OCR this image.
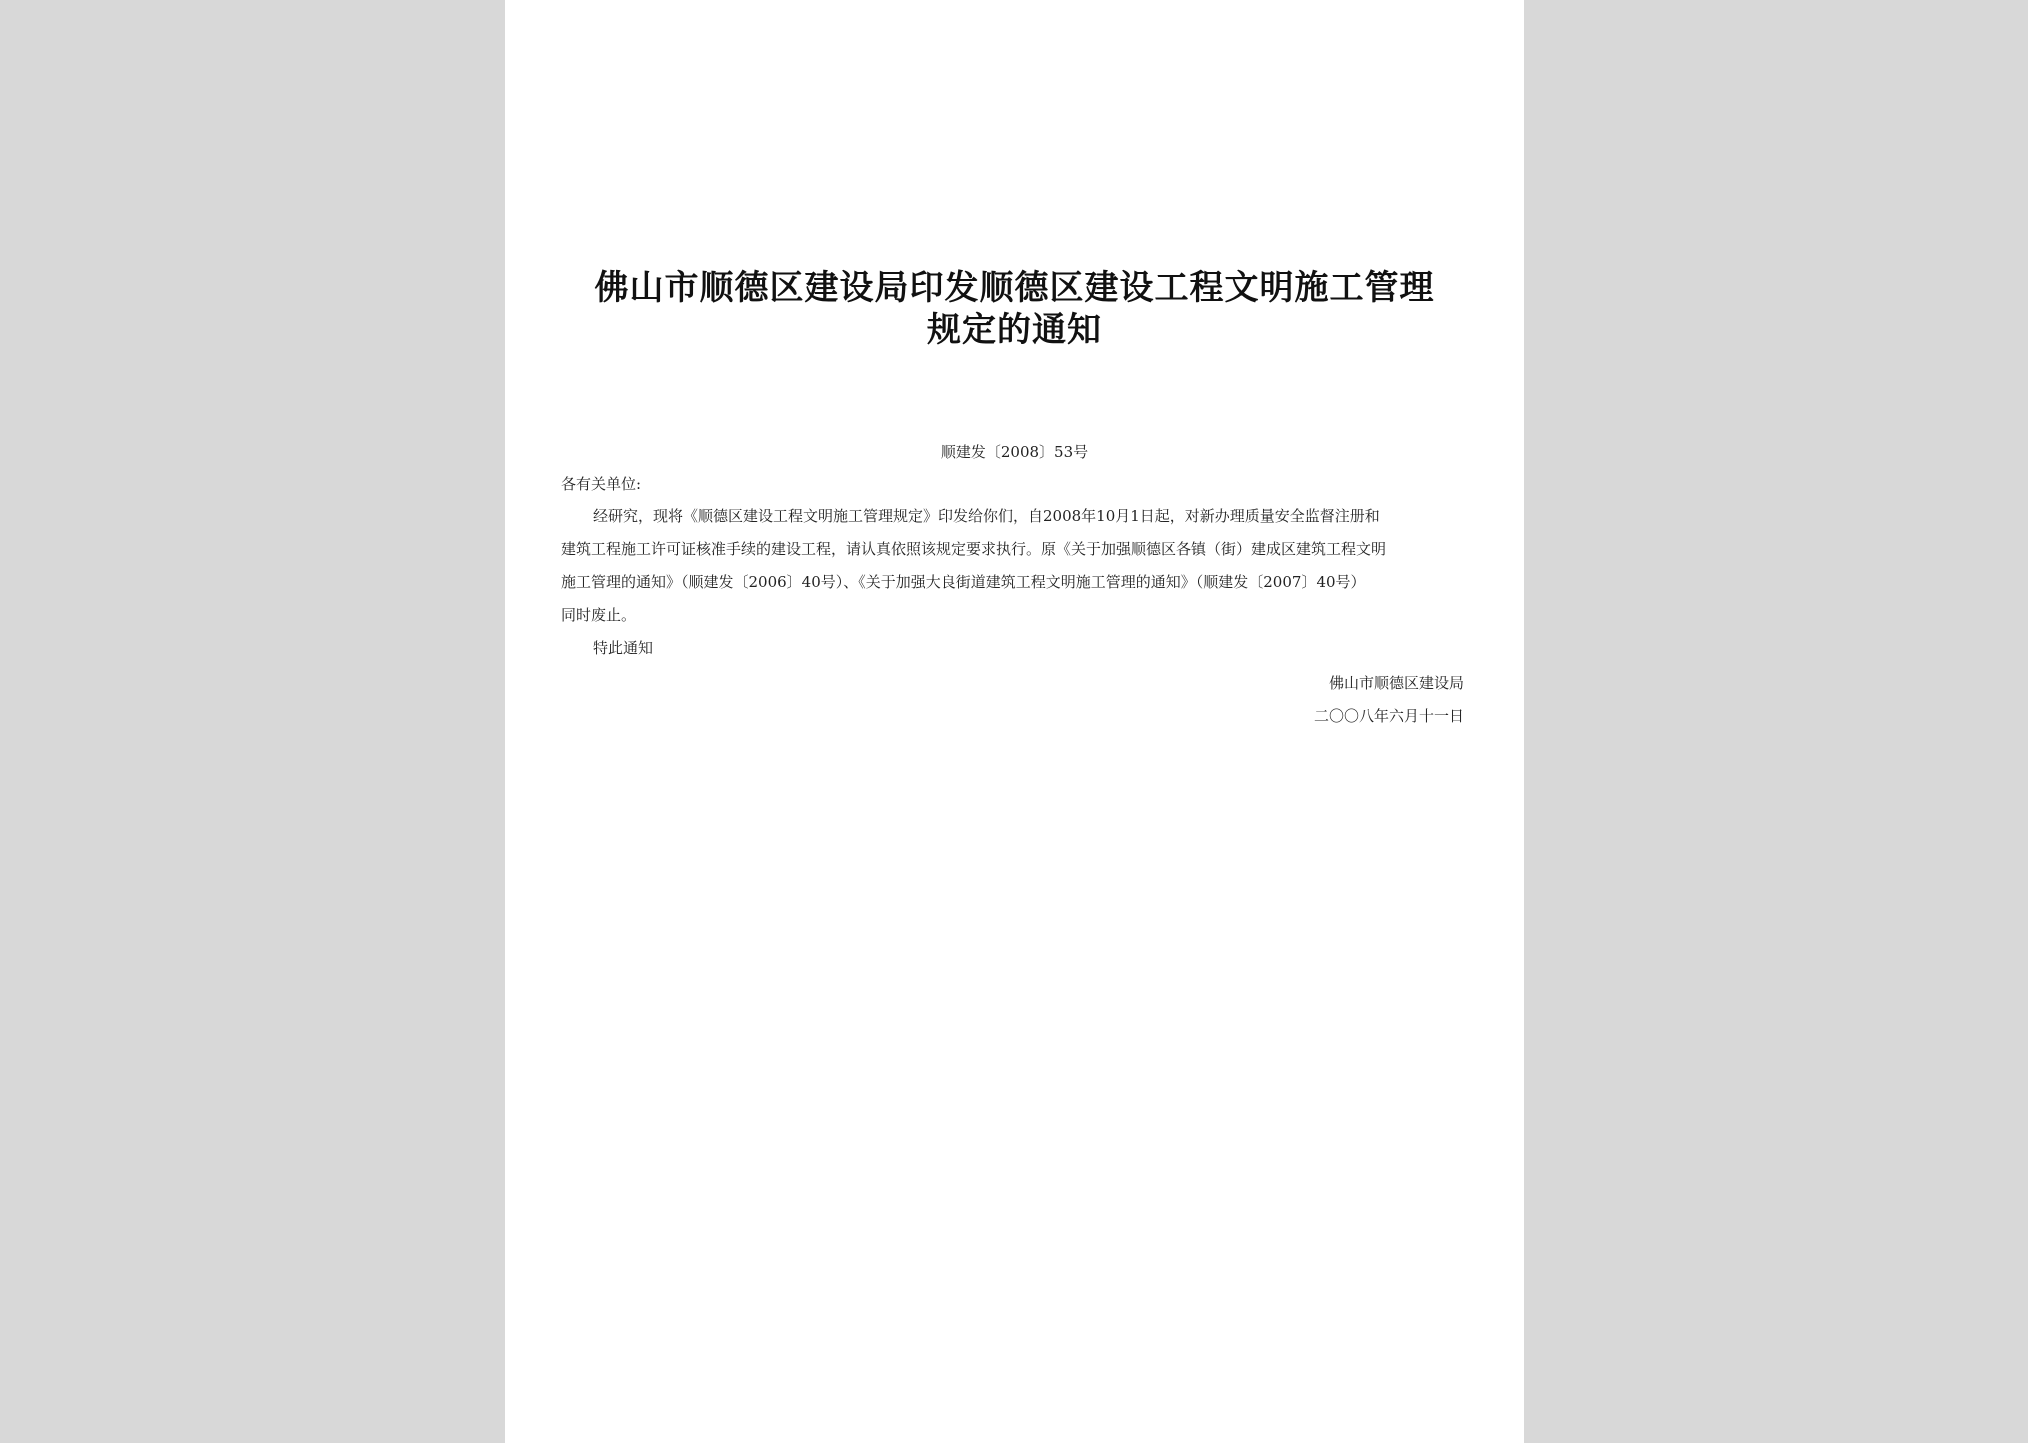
佛山市顺德区建设局印发顺德区建设工程文明施工管理
规定的通知
顺建发〔2008〕53号
各有关单位:
经研究，现将《顺德区建设工程文明施工管理规定》印发给你们，自2008年10月1日起，对新办理质量安全监督注册和
建筑工程施工许可证核准手续的建设工程，请认真依照该规定要求执行。原《关于加强顺德区各镇（街）建成区建筑工程文明
施工管理的通知》（顺建发〔2006〕40号）、《关于加强大良街道建筑工程文明施工管理的通知》（顺建发〔2007〕40号）
同时废止。
特此通知
佛山市顺德区建设局
二〇〇八年六月十一日
